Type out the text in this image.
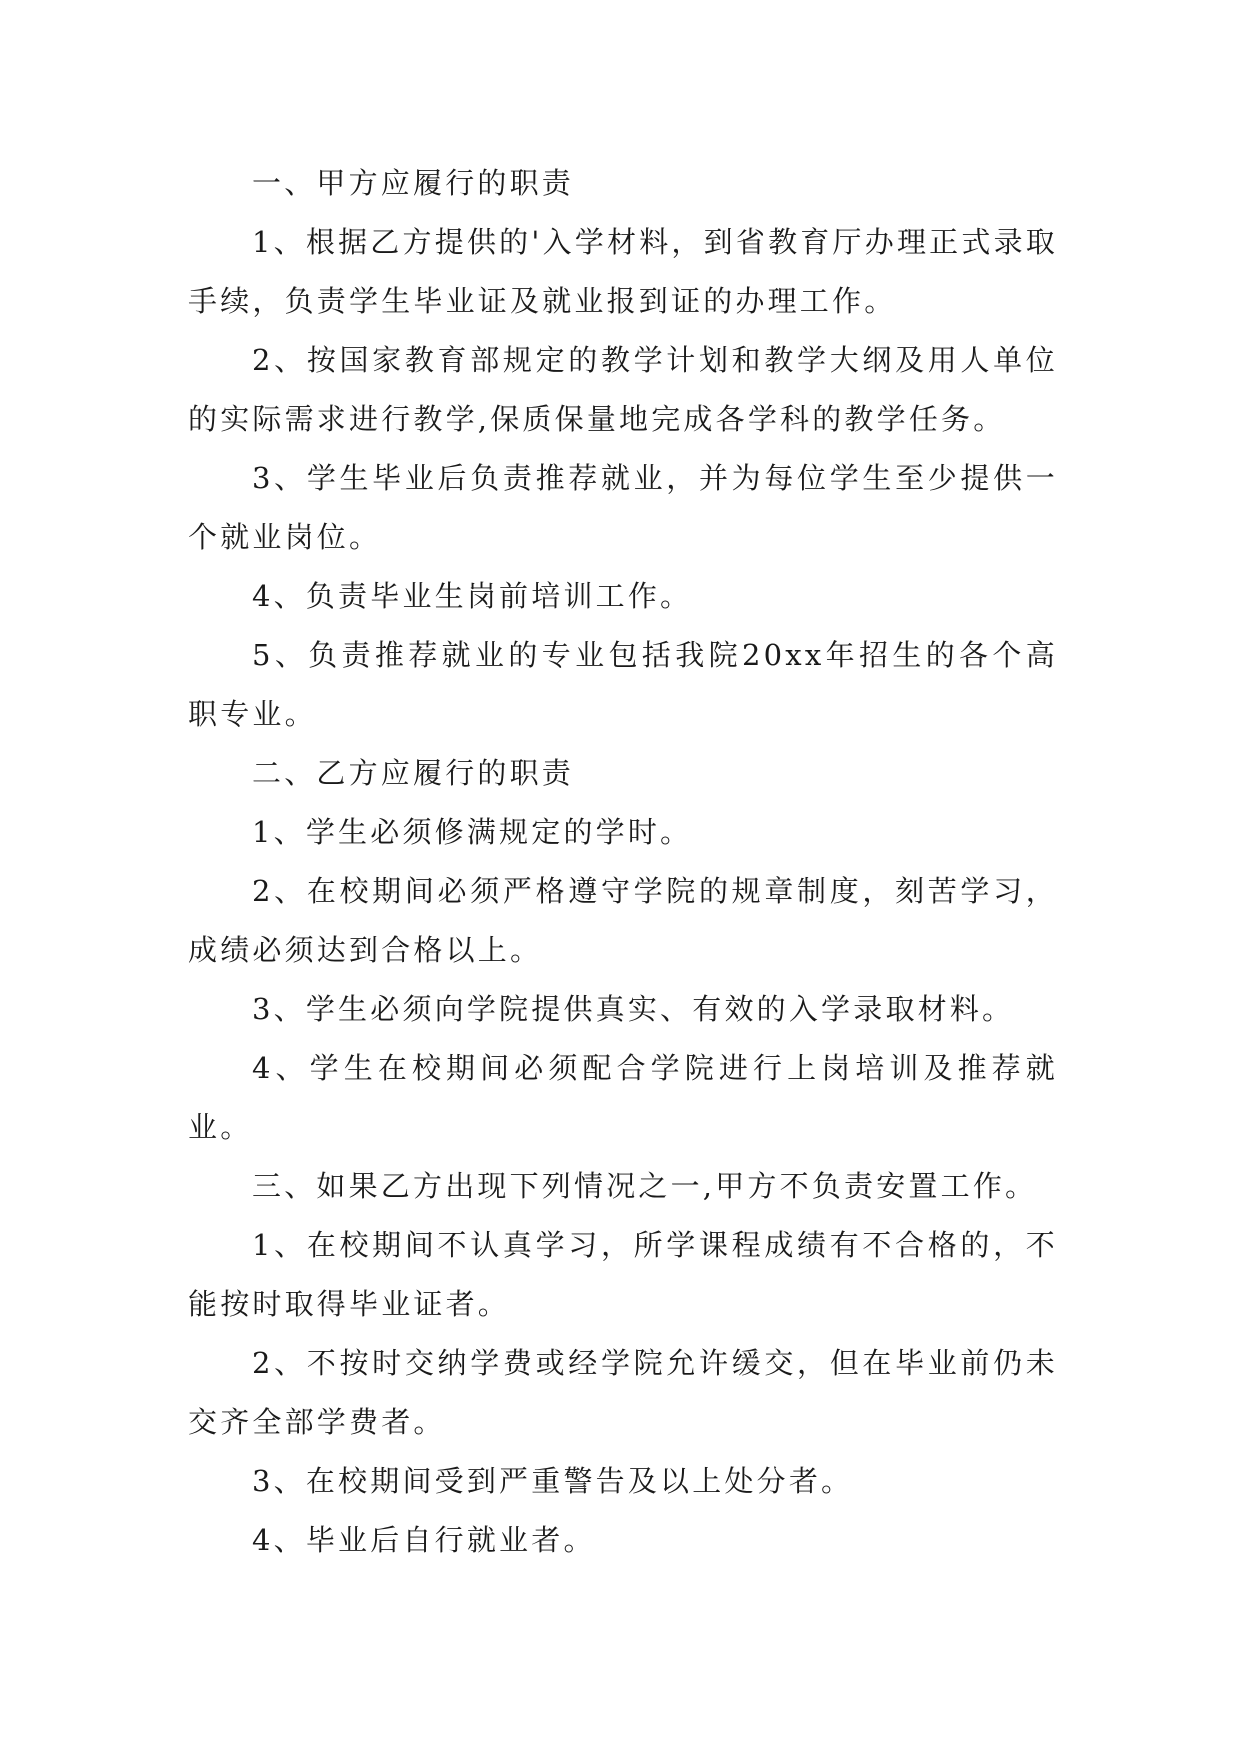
一、甲方应履行的职责

1、根据乙方提供的'入学材料，到省教育厅办理正式录取手续，负责学生毕业证及就业报到证的办理工作。

2、按国家教育部规定的教学计划和教学大纲及用人单位的实际需求进行教学,保质保量地完成各学科的教学任务。

3、学生毕业后负责推荐就业，并为每位学生至少提供一个就业岗位。

4、负责毕业生岗前培训工作。

5、负责推荐就业的专业包括我院20xx年招生的各个高职专业。

二、乙方应履行的职责

1、学生必须修满规定的学时。

2、在校期间必须严格遵守学院的规章制度，刻苦学习，成绩必须达到合格以上。

3、学生必须向学院提供真实、有效的入学录取材料。

4、学生在校期间必须配合学院进行上岗培训及推荐就业。

三、如果乙方出现下列情况之一,甲方不负责安置工作。

1、在校期间不认真学习，所学课程成绩有不合格的，不能按时取得毕业证者。

2、不按时交纳学费或经学院允许缓交，但在毕业前仍未交齐全部学费者。

3、在校期间受到严重警告及以上处分者。

4、毕业后自行就业者。
